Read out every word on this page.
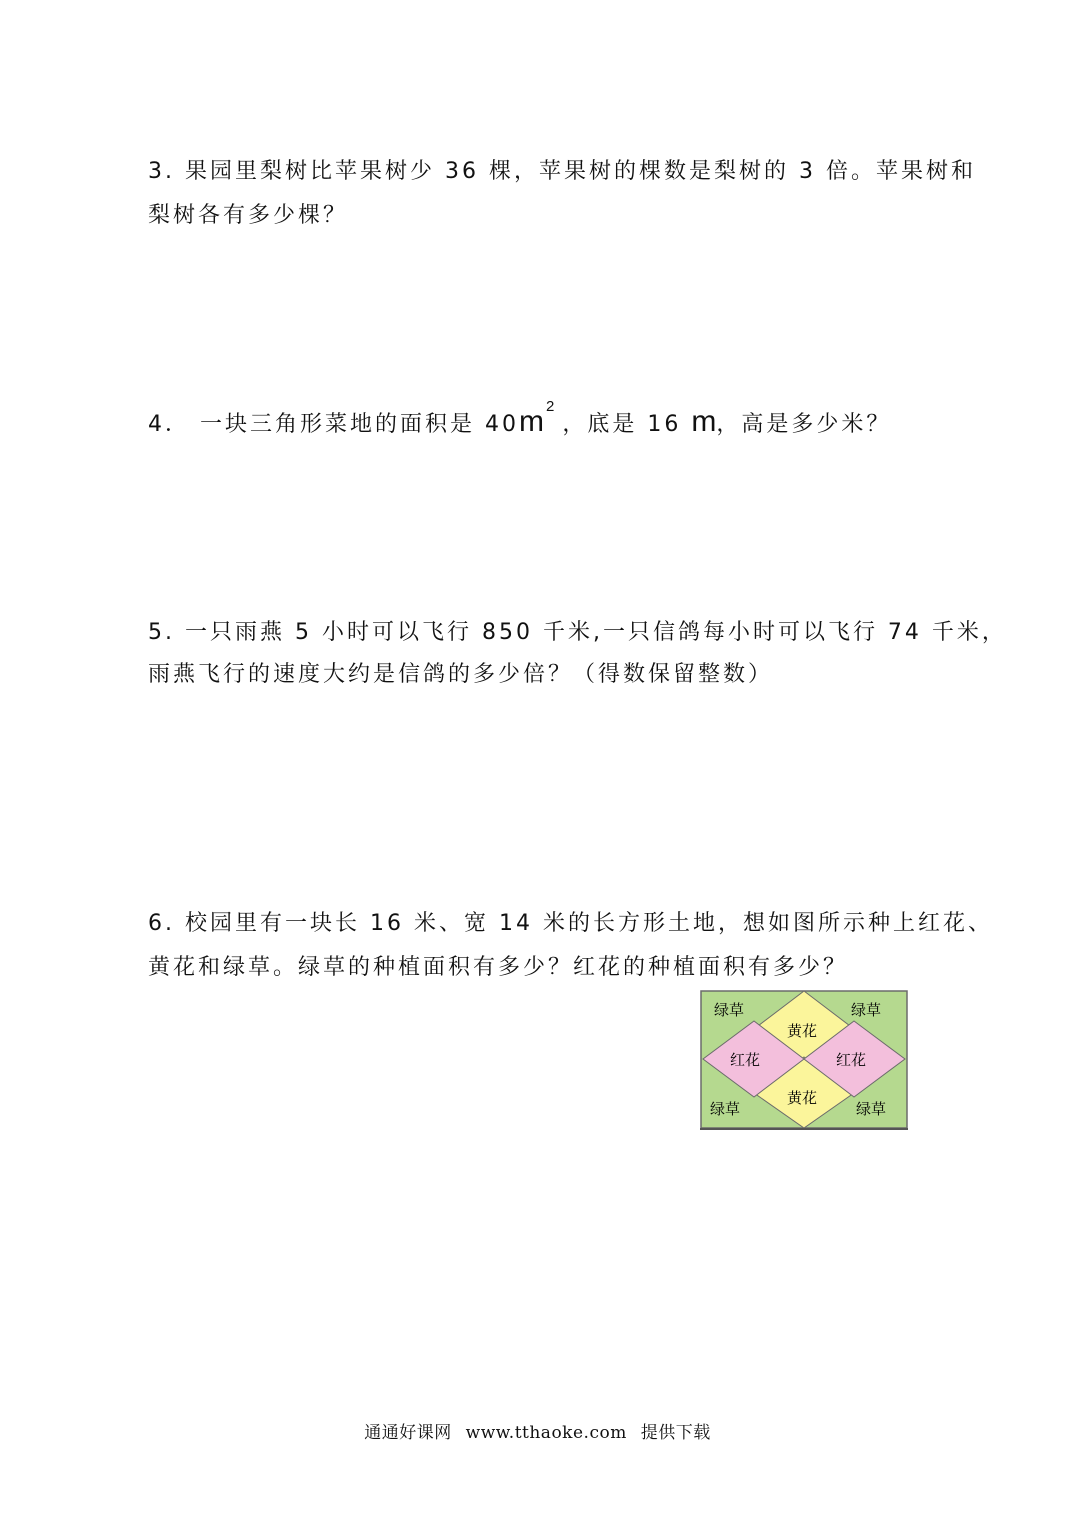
3. 果园里梨树比苹果树少 36 棵，苹果树的棵数是梨树的 3 倍。苹果树和
梨树各有多少棵？
4． 一块三角形菜地的面积是 40m $^2$，底是 16 m，高是多少米？
5. 一只雨燕 5 小时可以飞行 850 千米,一只信鸽每小时可以飞行 74 千米，
雨燕飞行的速度大约是信鸽的多少倍？（得数保留整数）
6. 校园里有一块长 16 米、宽 14 米的长方形土地，想如图所示种上红花、
黄花和绿草。绿草的种植面积有多少？红花的种植面积有多少？
绿草	绿草
绿草	绿草
黄花
黄花
红花	红花
通通好课网 www.tthaoke.com 提供下载
